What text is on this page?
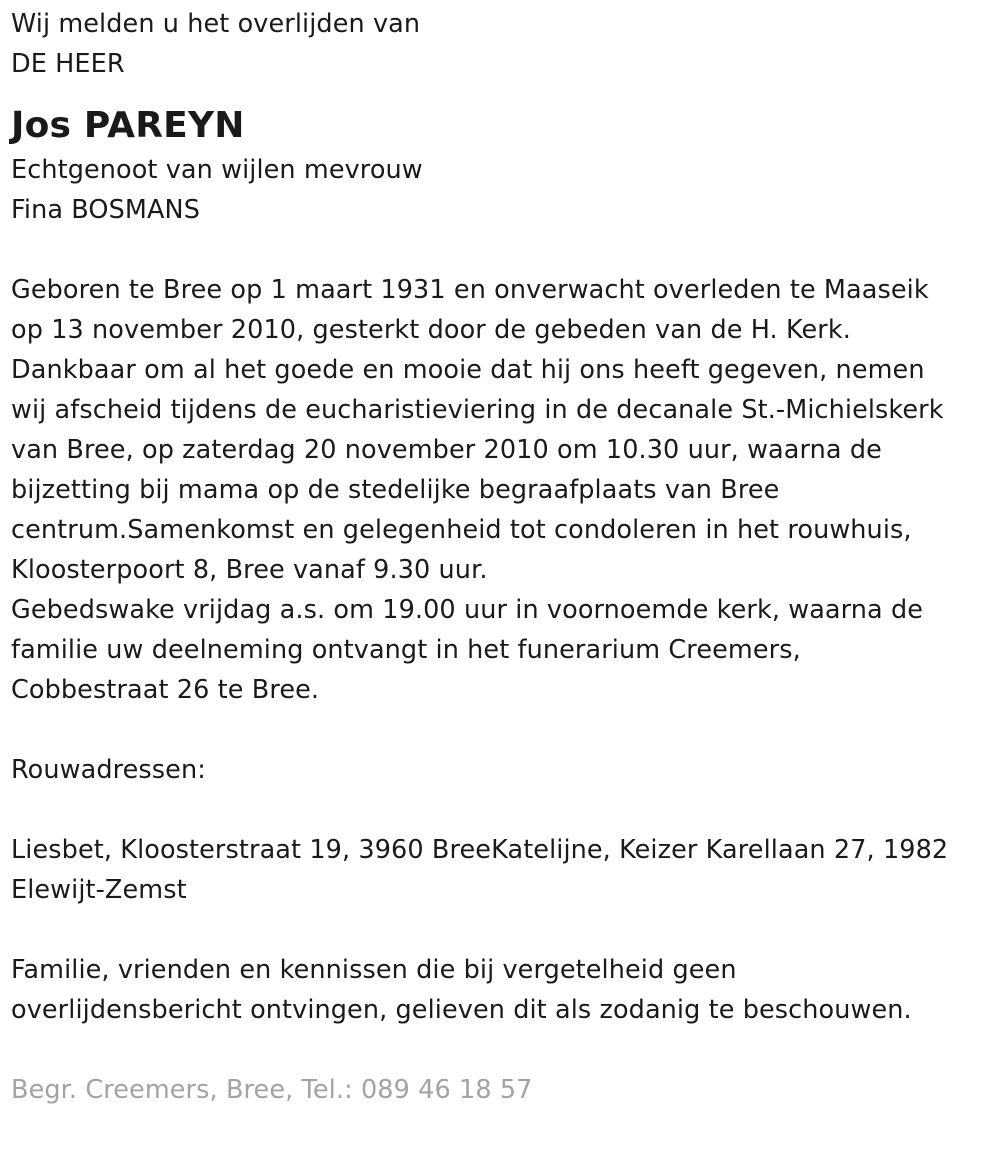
Wij melden u het overlijden van
DE HEER
Jos PAREYN
Echtgenoot van wijlen mevrouw
Fina BOSMANS
Geboren te Bree op 1 maart 1931 en onverwacht overleden te Maaseik
op 13 november 2010, gesterkt door de gebeden van de H. Kerk.
Dankbaar om al het goede en mooie dat hij ons heeft gegeven, nemen
wij afscheid tijdens de eucharistieviering in de decanale St.-Michielskerk
van Bree, op zaterdag 20 november 2010 om 10.30 uur, waarna de
bijzetting bij mama op de stedelijke begraafplaats van Bree
centrum.Samenkomst en gelegenheid tot condoleren in het rouwhuis,
Kloosterpoort 8, Bree vanaf 9.30 uur.
Gebedswake vrijdag a.s. om 19.00 uur in voornoemde kerk, waarna de
familie uw deelneming ontvangt in het funerarium Creemers,
Cobbestraat 26 te Bree.
Rouwadressen:
Liesbet, Kloosterstraat 19, 3960 BreeKatelijne, Keizer Karellaan 27, 1982
Elewijt-Zemst
Familie, vrienden en kennissen die bij vergetelheid geen
overlijdensbericht ontvingen, gelieven dit als zodanig te beschouwen.
Begr. Creemers, Bree, Tel.: 089 46 18 57
